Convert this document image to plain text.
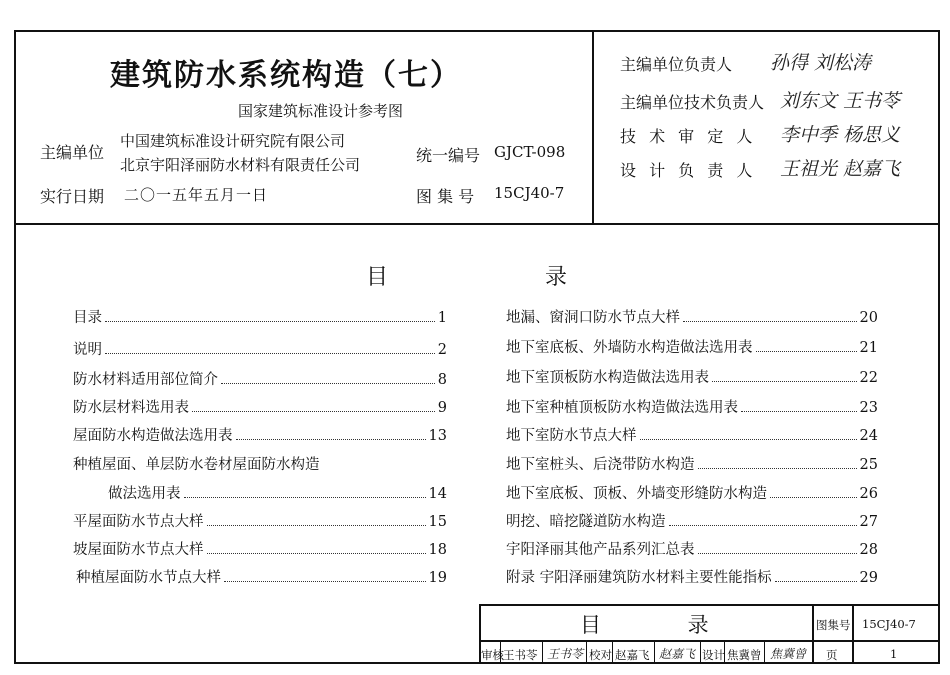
建筑防水系统构造（七）
国家建筑标准设计参考图
主编单位
中国建筑标准设计研究院有限公司
北京宇阳泽丽防水材料有限责任公司	统一编号 GJCT-098
实行日期 二〇一五年五月一日	图 集 号 15CJ40-7
主编单位负责人 孙得 刘松涛
主编单位技术负责人 刘东文 王书苓
技 术 审 定 人 李中季 杨思义
设 计 负 责 人 王祖光 赵嘉飞
目 录
目录	1
说明	2
防水材料适用部位简介	8
防水层材料选用表	9
屋面防水构造做法选用表	13
种植屋面、单层防水卷材屋面防水构造
做法选用表	14
平屋面防水节点大样	15
坡屋面防水节点大样	18
种植屋面防水节点大样	19
地漏、窗洞口防水节点大样	20
地下室底板、外墙防水构造做法选用表	21
地下室顶板防水构造做法选用表	22
地下室种植顶板防水构造做法选用表	23
地下室防水节点大样	24
地下室桩头、后浇带防水构造	25
地下室底板、顶板、外墙变形缝防水构造	26
明挖、暗挖隧道防水构造	27
宇阳泽丽其他产品系列汇总表	28
附录 宇阳泽丽建筑防水材料主要性能指标	29
目 录	图集号 15CJ40-7
审核 王书苓 王书苓 校对 赵嘉飞 赵嘉飞 设计 焦冀曾 焦冀曾 页	1
